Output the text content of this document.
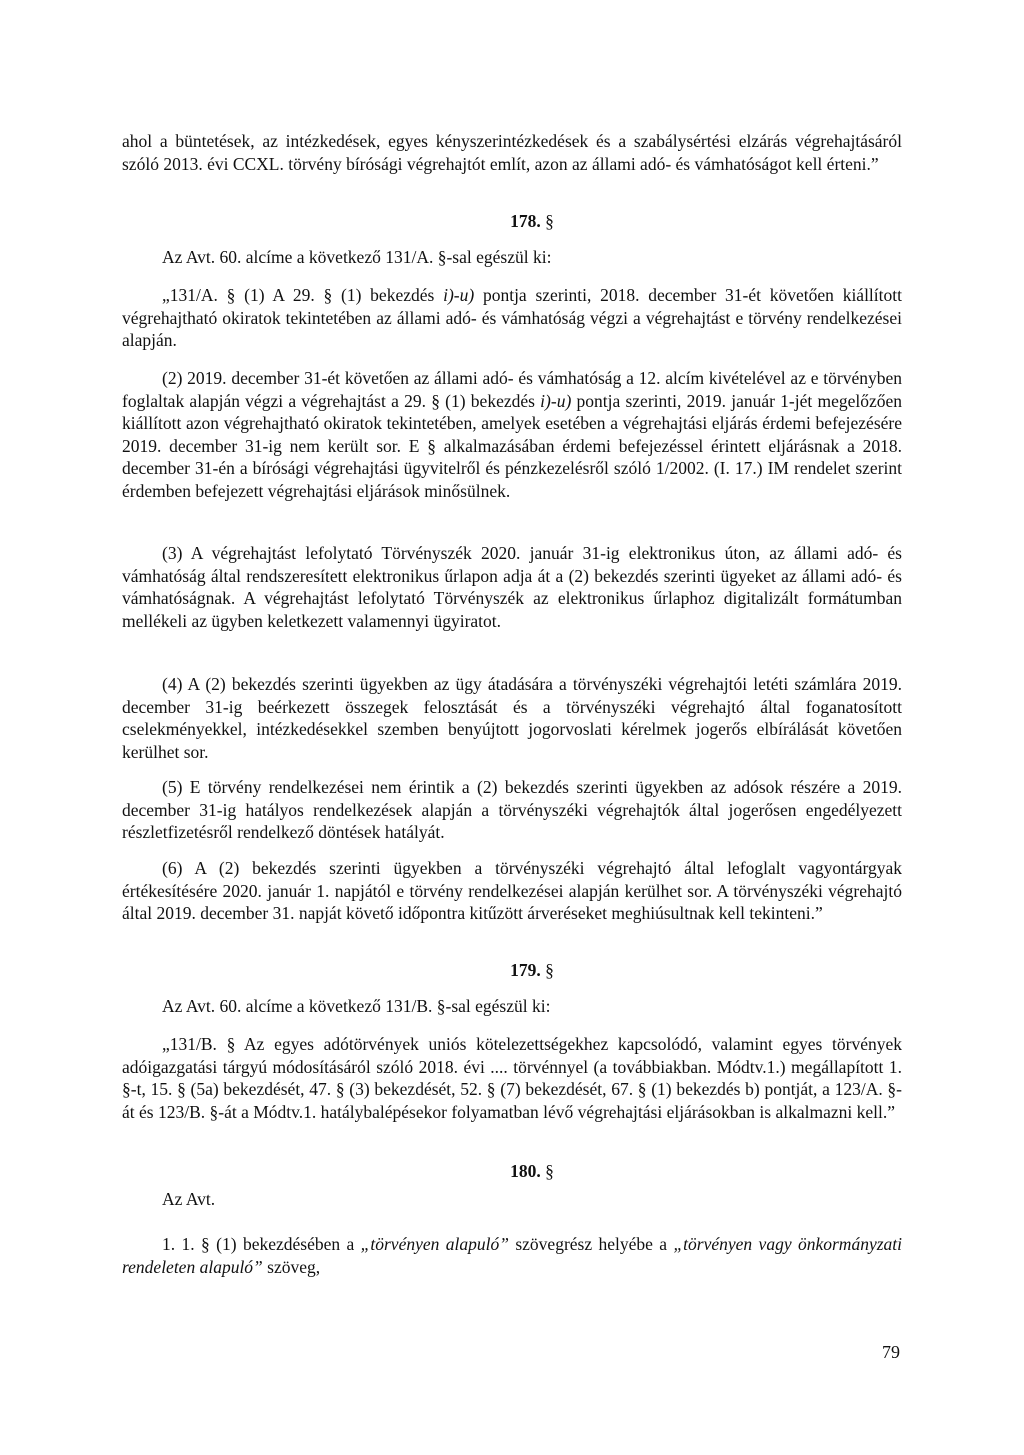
ahol a büntetések, az intézkedések, egyes kényszerintézkedések és a szabálysértési elzárás végrehajtásáról szóló 2013. évi CCXL. törvény bírósági végrehajtót említ, azon az állami adó- és vámhatóságot kell érteni.”

178. §

Az Avt. 60. alcíme a következő 131/A. §-sal egészül ki:

„131/A. § (1) A 29. § (1) bekezdés i)-u) pontja szerinti, 2018. december 31-ét követően kiállított végrehajtható okiratok tekintetében az állami adó- és vámhatóság végzi a végrehajtást e törvény rendelkezései alapján.

(2) 2019. december 31-ét követően az állami adó- és vámhatóság a 12. alcím kivételével az e törvényben foglaltak alapján végzi a végrehajtást a 29. § (1) bekezdés i)-u) pontja szerinti, 2019. január 1-jét megelőzően kiállított azon végrehajtható okiratok tekintetében, amelyek esetében a végrehajtási eljárás érdemi befejezésére 2019. december 31-ig nem került sor. E § alkalmazásában érdemi befejezéssel érintett eljárásnak a 2018. december 31-én a bírósági végrehajtási ügyvitelről és pénzkezelésről szóló 1/2002. (I. 17.) IM rendelet szerint érdemben befejezett végrehajtási eljárások minősülnek.

(3) A végrehajtást lefolytató Törvényszék 2020. január 31-ig elektronikus úton, az állami adó- és vámhatóság által rendszeresített elektronikus űrlapon adja át a (2) bekezdés szerinti ügyeket az állami adó- és vámhatóságnak. A végrehajtást lefolytató Törvényszék az elektronikus űrlaphoz digitalizált formátumban mellékeli az ügyben keletkezett valamennyi ügyiratot.

(4) A (2) bekezdés szerinti ügyekben az ügy átadására a törvényszéki végrehajtói letéti számlára 2019. december 31-ig beérkezett összegek felosztását és a törvényszéki végrehajtó által foganatosított cselekményekkel, intézkedésekkel szemben benyújtott jogorvoslati kérelmek jogerős elbírálását követően kerülhet sor.

(5) E törvény rendelkezései nem érintik a (2) bekezdés szerinti ügyekben az adósok részére a 2019. december 31-ig hatályos rendelkezések alapján a törvényszéki végrehajtók által jogerősen engedélyezett részletfizetésről rendelkező döntések hatályát.

(6) A (2) bekezdés szerinti ügyekben a törvényszéki végrehajtó által lefoglalt vagyontárgyak értékesítésére 2020. január 1. napjától e törvény rendelkezései alapján kerülhet sor. A törvényszéki végrehajtó által 2019. december 31. napját követő időpontra kitűzött árveréseket meghiúsultnak kell tekinteni.”

179. §

Az Avt. 60. alcíme a következő 131/B. §-sal egészül ki:

„131/B. § Az egyes adótörvények uniós kötelezettségekhez kapcsolódó, valamint egyes törvények adóigazgatási tárgyú módosításáról szóló 2018. évi .... törvénnyel (a továbbiakban. Módtv.1.) megállapított 1. §-t, 15. § (5a) bekezdését, 47. § (3) bekezdését, 52. § (7) bekezdését, 67. § (1) bekezdés b) pontját, a 123/A. §-át és 123/B. §-át a Módtv.1. hatálybalépésekor folyamatban lévő végrehajtási eljárásokban is alkalmazni kell.”

180. §

Az Avt.

1. 1. § (1) bekezdésében a „törvényen alapuló” szövegrész helyébe a „törvényen vagy önkormányzati rendeleten alapuló” szöveg,

79
